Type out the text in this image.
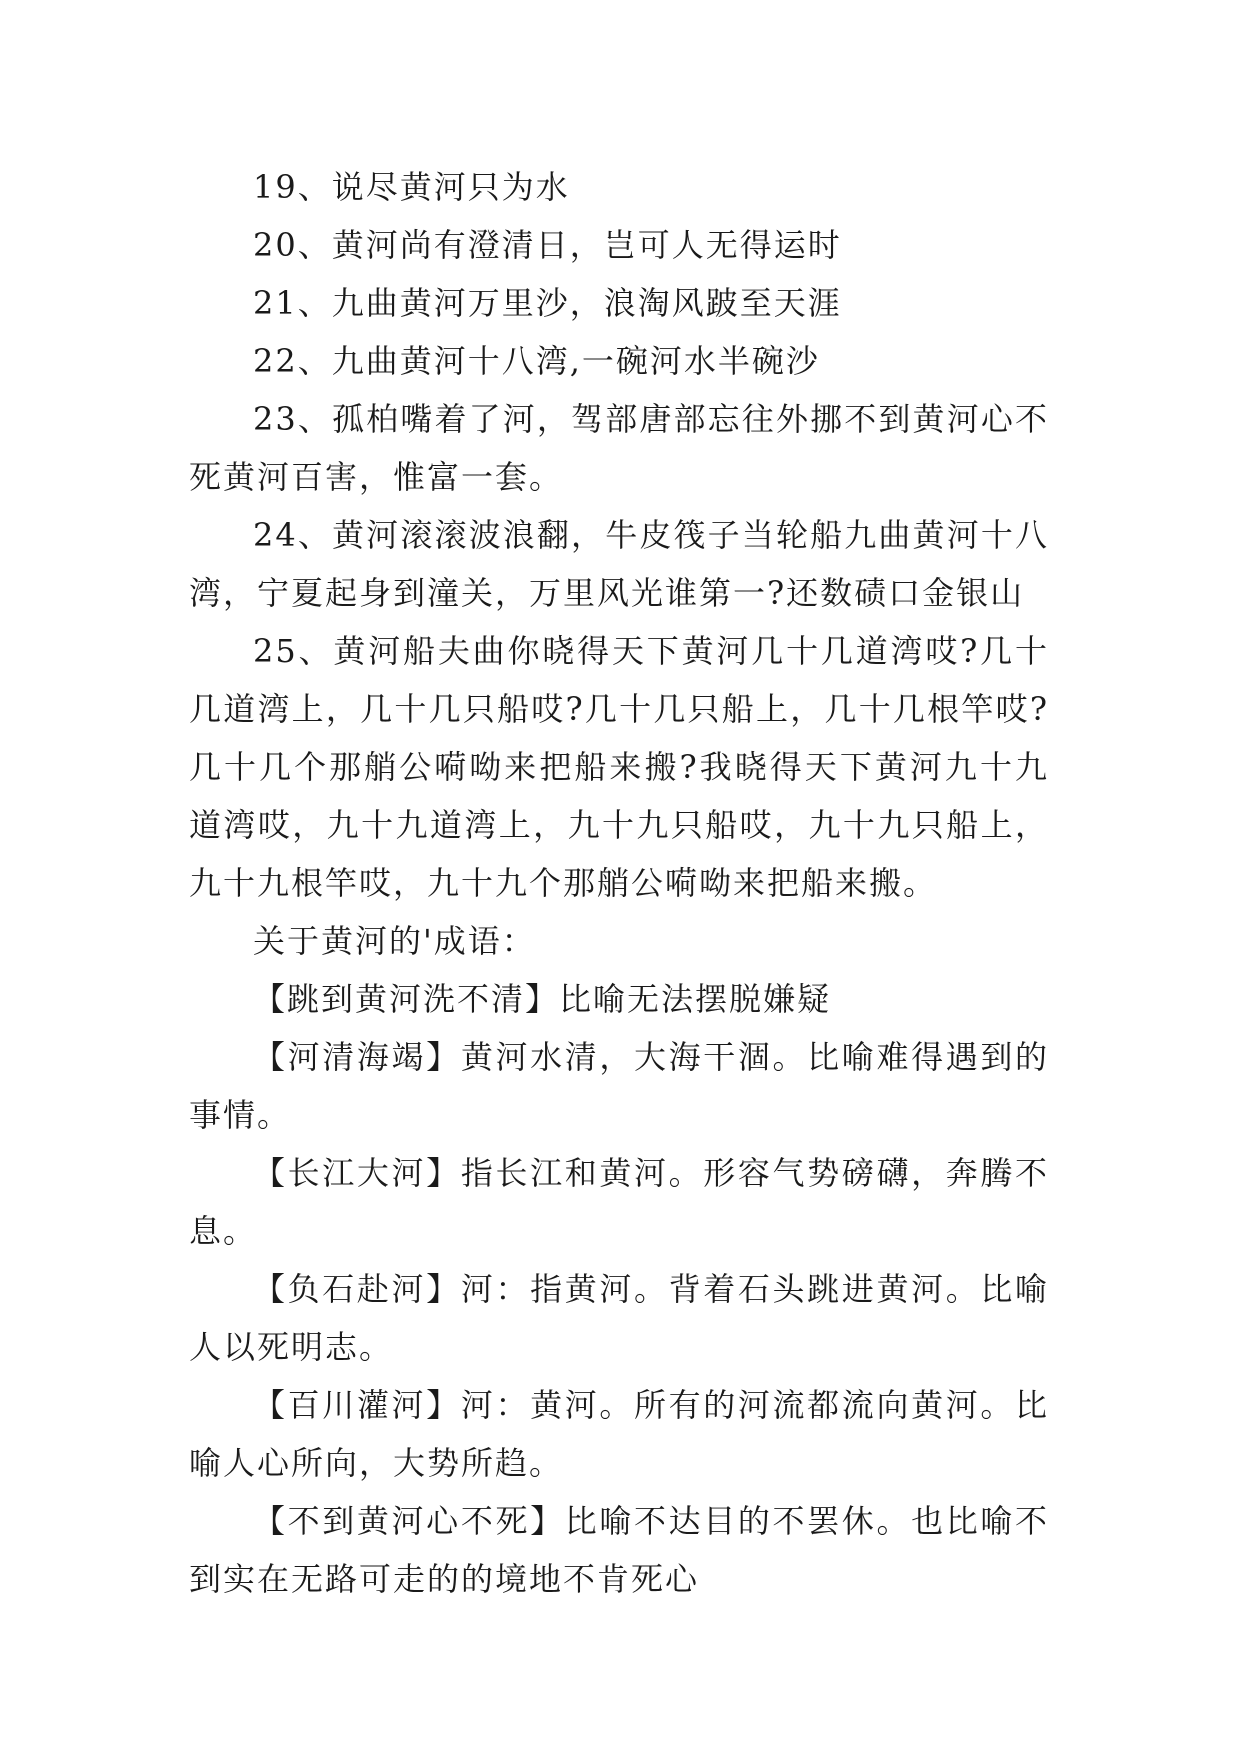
19、说尽黄河只为水

20、黄河尚有澄清日，岂可人无得运时

21、九曲黄河万里沙，浪淘风跛至天涯

22、九曲黄河十八湾,一碗河水半碗沙

23、孤柏嘴着了河，驾部唐部忘往外挪不到黄河心不死黄河百害，惟富一套。

24、黄河滚滚波浪翻，牛皮筏子当轮船九曲黄河十八湾，宁夏起身到潼关，万里风光谁第一?还数碛口金银山

25、黄河船夫曲你晓得天下黄河几十几道湾哎?几十几道湾上，几十几只船哎?几十几只船上，几十几根竿哎?几十几个那艄公嗬呦来把船来搬?我晓得天下黄河九十九道湾哎，九十九道湾上，九十九只船哎，九十九只船上，九十九根竿哎，九十九个那艄公嗬呦来把船来搬。

关于黄河的'成语：

【跳到黄河洗不清】比喻无法摆脱嫌疑

【河清海竭】黄河水清，大海干涸。比喻难得遇到的事情。

【长江大河】指长江和黄河。形容气势磅礴，奔腾不息。

【负石赴河】河：指黄河。背着石头跳进黄河。比喻人以死明志。

【百川灌河】河：黄河。所有的河流都流向黄河。比喻人心所向，大势所趋。

【不到黄河心不死】比喻不达目的不罢休。也比喻不到实在无路可走的的境地不肯死心
